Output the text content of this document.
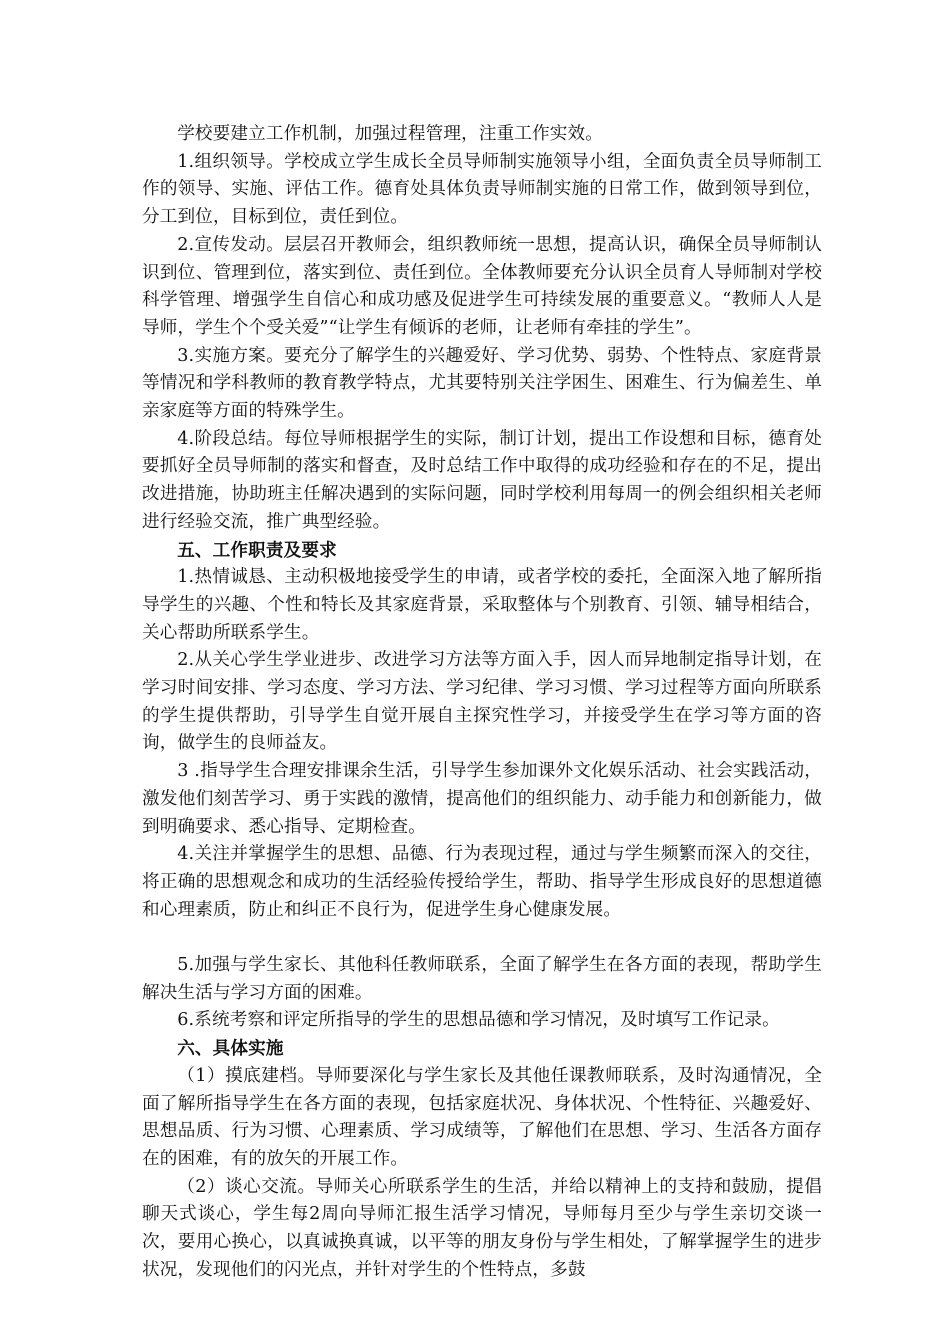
学校要建立工作机制，加强过程管理，注重工作实效。

1.组织领导。学校成立学生成长全员导师制实施领导小组，全面负责全员导师制工作的领导、实施、评估工作。德育处具体负责导师制实施的日常工作，做到领导到位，分工到位，目标到位，责任到位。

2.宣传发动。层层召开教师会，组织教师统一思想，提高认识，确保全员导师制认识到位、管理到位，落实到位、责任到位。全体教师要充分认识全员育人导师制对学校科学管理、增强学生自信心和成功感及促进学生可持续发展的重要意义。“教师人人是导师，学生个个受关爱”“让学生有倾诉的老师，让老师有牵挂的学生”。

3.实施方案。要充分了解学生的兴趣爱好、学习优势、弱势、个性特点、家庭背景等情况和学科教师的教育教学特点，尤其要特别关注学困生、困难生、行为偏差生、单亲家庭等方面的特殊学生。

4.阶段总结。每位导师根据学生的实际，制订计划，提出工作设想和目标，德育处要抓好全员导师制的落实和督查，及时总结工作中取得的成功经验和存在的不足，提出改进措施，协助班主任解决遇到的实际问题，同时学校利用每周一的例会组织相关老师进行经验交流，推广典型经验。

五、工作职责及要求

1.热情诚恳、主动积极地接受学生的申请，或者学校的委托，全面深入地了解所指导学生的兴趣、个性和特长及其家庭背景，采取整体与个别教育、引领、辅导相结合，关心帮助所联系学生。

2.从关心学生学业进步、改进学习方法等方面入手，因人而异地制定指导计划，在学习时间安排、学习态度、学习方法、学习纪律、学习习惯、学习过程等方面向所联系的学生提供帮助，引导学生自觉开展自主探究性学习，并接受学生在学习等方面的咨询，做学生的良师益友。

3 .指导学生合理安排课余生活，引导学生参加课外文化娱乐活动、社会实践活动，激发他们刻苦学习、勇于实践的激情，提高他们的组织能力、动手能力和创新能力，做到明确要求、悉心指导、定期检查。

4.关注并掌握学生的思想、品德、行为表现过程，通过与学生频繁而深入的交往，将正确的思想观念和成功的生活经验传授给学生，帮助、指导学生形成良好的思想道德和心理素质，防止和纠正不良行为，促进学生身心健康发展。

5.加强与学生家长、其他科任教师联系，全面了解学生在各方面的表现，帮助学生解决生活与学习方面的困难。

6.系统考察和评定所指导的学生的思想品德和学习情况，及时填写工作记录。

六、具体实施

（1）摸底建档。导师要深化与学生家长及其他任课教师联系，及时沟通情况，全面了解所指导学生在各方面的表现，包括家庭状况、身体状况、个性特征、兴趣爱好、思想品质、行为习惯、心理素质、学习成绩等，了解他们在思想、学习、生活各方面存在的困难，有的放矢的开展工作。

（2）谈心交流。导师关心所联系学生的生活，并给以精神上的支持和鼓励，提倡聊天式谈心，学生每2周向导师汇报生活学习情况，导师每月至少与学生亲切交谈一次，要用心换心，以真诚换真诚，以平等的朋友身份与学生相处，了解掌握学生的进步状况，发现他们的闪光点，并针对学生的个性特点，多鼓
